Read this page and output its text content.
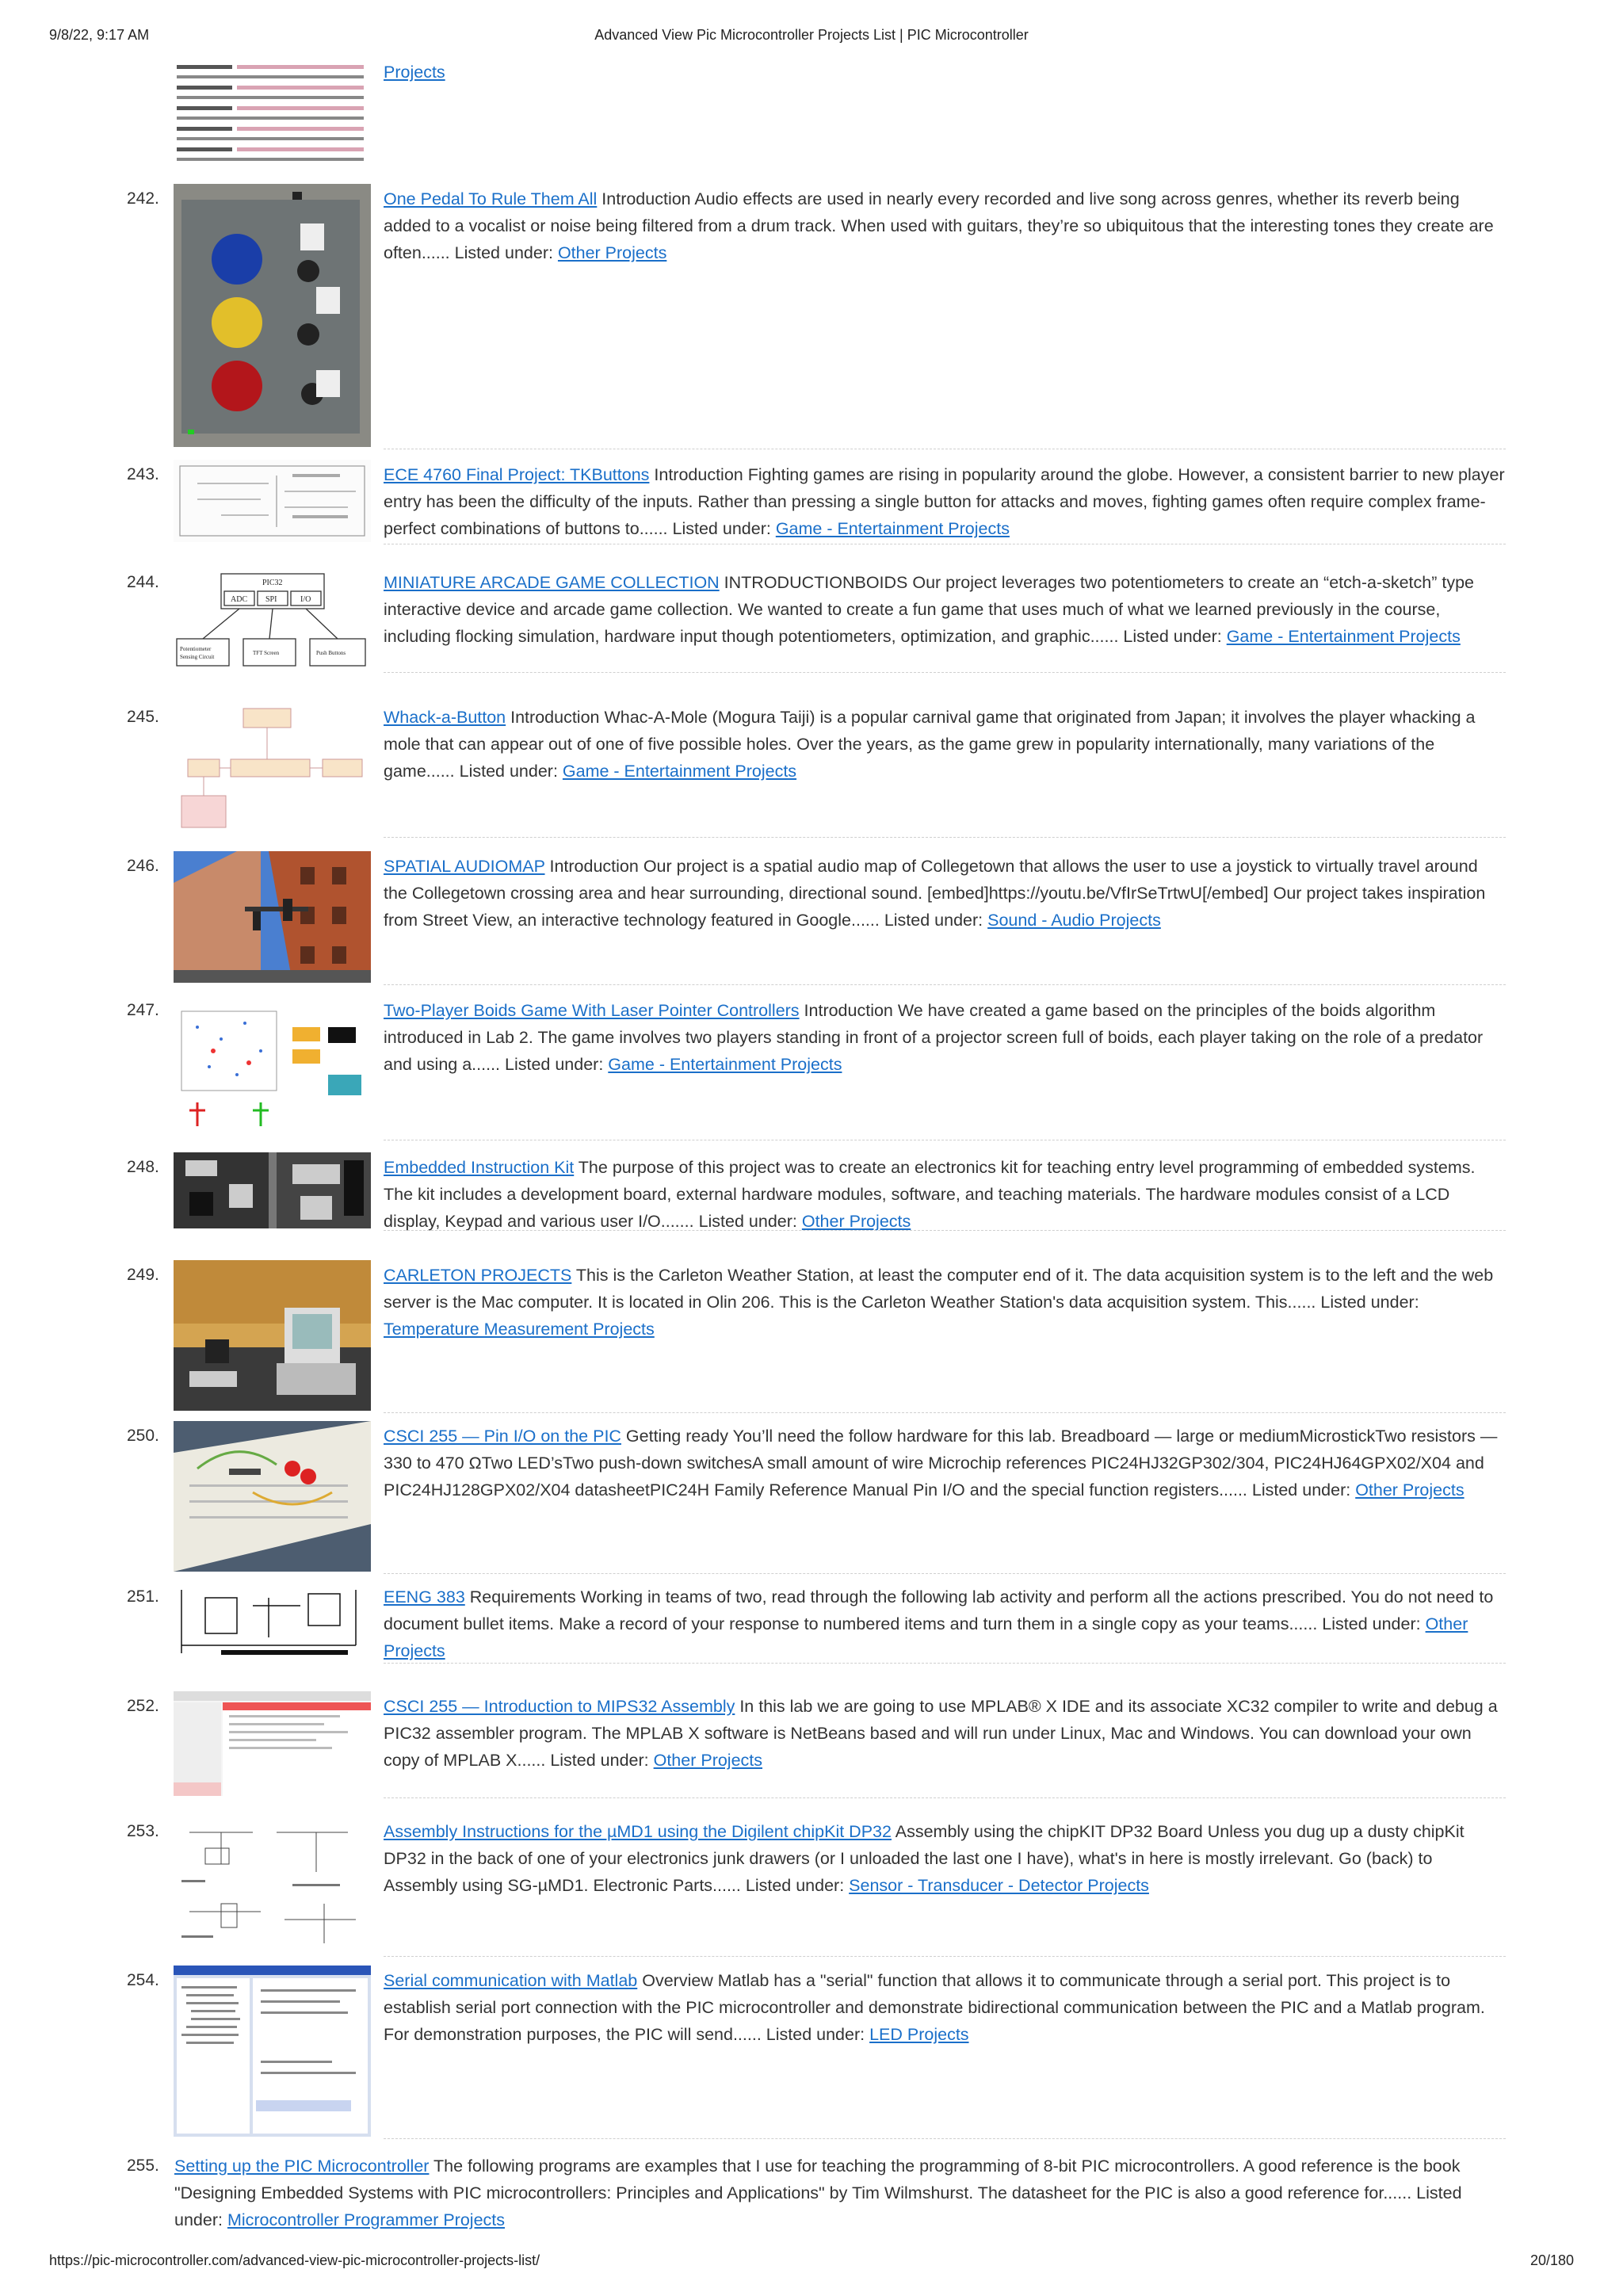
9/8/22, 9:17 AM	Advanced View Pic Microcontroller Projects List | PIC Microcontroller
Projects
242.	One Pedal To Rule Them All Introduction Audio effects are used in nearly every recorded and live song across genres, whether its reverb being added to a vocalist or noise being filtered from a drum track. When used with guitars, they’re so ubiquitous that the interesting tones they create are often...... Listed under: Other Projects
243.	ECE 4760 Final Project: TKButtons Introduction Fighting games are rising in popularity around the globe. However, a consistent barrier to new player entry has been the difficulty of the inputs. Rather than pressing a single button for attacks and moves, fighting games often require complex frame-perfect combinations of buttons to...... Listed under: Game - Entertainment Projects
244.	PIC32
ADC SPI	I/O
Potentiometer
Sensing Circuit
TFT Screen	Push Buttons
MINIATURE ARCADE GAME COLLECTION INTRODUCTIONBOIDS Our project leverages two potentiometers to create an “etch-a-sketch” type interactive device and arcade game collection. We wanted to create a fun game that uses much of what we learned previously in the course, including flocking simulation, hardware input though potentiometers, optimization, and graphic...... Listed under: Game - Entertainment Projects
245.	Whack-a-Button Introduction Whac-A-Mole (Mogura Taiji) is a popular carnival game that originated from Japan; it involves the player whacking a mole that can appear out of one of five possible holes. Over the years, as the game grew in popularity internationally, many variations of the game...... Listed under: Game - Entertainment Projects
246.	SPATIAL AUDIOMAP Introduction Our project is a spatial audio map of Collegetown that allows the user to use a joystick to virtually travel around the Collegetown crossing area and hear surrounding, directional sound. [embed]https://youtu.be/VfIrSeTrtwU[/embed] Our project takes inspiration from Street View, an interactive technology featured in Google...... Listed under: Sound - Audio Projects
247.	Two-Player Boids Game With Laser Pointer Controllers Introduction We have created a game based on the principles of the boids algorithm introduced in Lab 2. The game involves two players standing in front of a projector screen full of boids, each player taking on the role of a predator and using a...... Listed under: Game - Entertainment Projects
248.	Embedded Instruction Kit The purpose of this project was to create an electronics kit for teaching entry level programming of embedded systems. The kit includes a development board, external hardware modules, software, and teaching materials. The hardware modules consist of a LCD display, Keypad and various user I/O....... Listed under: Other Projects
249.	CARLETON PROJECTS This is the Carleton Weather Station, at least the computer end of it. The data acquisition system is to the left and the web server is the Mac computer. It is located in Olin 206. This is the Carleton Weather Station's data acquisition system. This...... Listed under: Temperature Measurement Projects
250.	CSCI 255 — Pin I/O on the PIC Getting ready You’ll need the follow hardware for this lab. Breadboard — large or mediumMicrostickTwo resistors — 330 to 470 ΩTwo LED’sTwo push-down switchesA small amount of wire Microchip references PIC24HJ32GP302/304, PIC24HJ64GPX02/X04 and PIC24HJ128GPX02/X04 datasheetPIC24H Family Reference Manual Pin I/O and the special function registers...... Listed under: Other Projects
251.	EENG 383 Requirements Working in teams of two, read through the following lab activity and perform all the actions prescribed. You do not need to document bullet items. Make a record of your response to numbered items and turn them in a single copy as your teams...... Listed under: Other Projects
252.	CSCI 255 — Introduction to MIPS32 Assembly In this lab we are going to use MPLAB® X IDE and its associate XC32 compiler to write and debug a PIC32 assembler program. The MPLAB X software is NetBeans based and will run under Linux, Mac and Windows. You can download your own copy of MPLAB X...... Listed under: Other Projects
253.	Assembly Instructions for the µMD1 using the Digilent chipKit DP32 Assembly using the chipKIT DP32 Board Unless you dug up a dusty chipKit DP32 in the back of one of your electronics junk drawers (or I unloaded the last one I have), what's in here is mostly irrelevant. Go (back) to Assembly using SG-µMD1. Electronic Parts...... Listed under: Sensor - Transducer - Detector Projects
254.	Serial communication with Matlab Overview Matlab has a "serial" function that allows it to communicate through a serial port. This project is to establish serial port connection with the PIC microcontroller and demonstrate bidirectional communication between the PIC and a Matlab program. For demonstration purposes, the PIC will send...... Listed under: LED Projects
255. Setting up the PIC Microcontroller The following programs are examples that I use for teaching the programming of 8-bit PIC microcontrollers. A good reference is the book "Designing Embedded Systems with PIC microcontrollers: Principles and Applications" by Tim Wilmshurst. The datasheet for the PIC is also a good reference for...... Listed under: Microcontroller Programmer Projects
https://pic-microcontroller.com/advanced-view-pic-microcontroller-projects-list/	20/180
